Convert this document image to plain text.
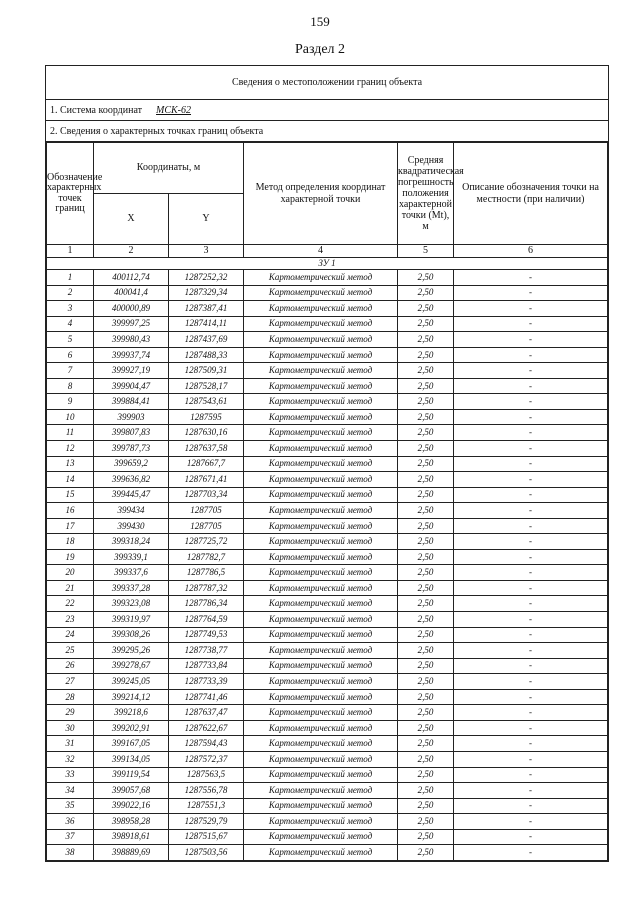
159
Раздел 2
Сведения о местоположении границ объекта
1. Система координат МСК-62
2. Сведения о характерных точках границ объекта

Обозначение характерных точек границ	Координаты, м	Метод определения координат характерной точки	Средняя квадратическая погрешность положения характерной точки (Mt), м	Описание обозначения точки на местности (при наличии)
X	Y
1	2	3	4	5	6
ЗУ 1
1	400112,74	1287252,32	Картометрический метод	2,50	-
2	400041,4	1287329,34	Картометрический метод	2,50	-
3	400000,89	1287387,41	Картометрический метод	2,50	-
4	399997,25	1287414,11	Картометрический метод	2,50	-
5	399980,43	1287437,69	Картометрический метод	2,50	-
6	399937,74	1287488,33	Картометрический метод	2,50	-
7	399927,19	1287509,31	Картометрический метод	2,50	-
8	399904,47	1287528,17	Картометрический метод	2,50	-
9	399884,41	1287543,61	Картометрический метод	2,50	-
10	399903	1287595	Картометрический метод	2,50	-
11	399807,83	1287630,16	Картометрический метод	2,50	-
12	399787,73	1287637,58	Картометрический метод	2,50	-
13	399659,2	1287667,7	Картометрический метод	2,50	-
14	399636,82	1287671,41	Картометрический метод	2,50	-
15	399445,47	1287703,34	Картометрический метод	2,50	-
16	399434	1287705	Картометрический метод	2,50	-
17	399430	1287705	Картометрический метод	2,50	-
18	399318,24	1287725,72	Картометрический метод	2,50	-
19	399339,1	1287782,7	Картометрический метод	2,50	-
20	399337,6	1287786,5	Картометрический метод	2,50	-
21	399337,28	1287787,32	Картометрический метод	2,50	-
22	399323,08	1287786,34	Картометрический метод	2,50	-
23	399319,97	1287764,59	Картометрический метод	2,50	-
24	399308,26	1287749,53	Картометрический метод	2,50	-
25	399295,26	1287738,77	Картометрический метод	2,50	-
26	399278,67	1287733,84	Картометрический метод	2,50	-
27	399245,05	1287733,39	Картометрический метод	2,50	-
28	399214,12	1287741,46	Картометрический метод	2,50	-
29	399218,6	1287637,47	Картометрический метод	2,50	-
30	399202,91	1287622,67	Картометрический метод	2,50	-
31	399167,05	1287594,43	Картометрический метод	2,50	-
32	399134,05	1287572,37	Картометрический метод	2,50	-
33	399119,54	1287563,5	Картометрический метод	2,50	-
34	399057,68	1287556,78	Картометрический метод	2,50	-
35	399022,16	1287551,3	Картометрический метод	2,50	-
36	398958,28	1287529,79	Картометрический метод	2,50	-
37	398918,61	1287515,67	Картометрический метод	2,50	-
38	398889,69	1287503,56	Картометрический метод	2,50	-
